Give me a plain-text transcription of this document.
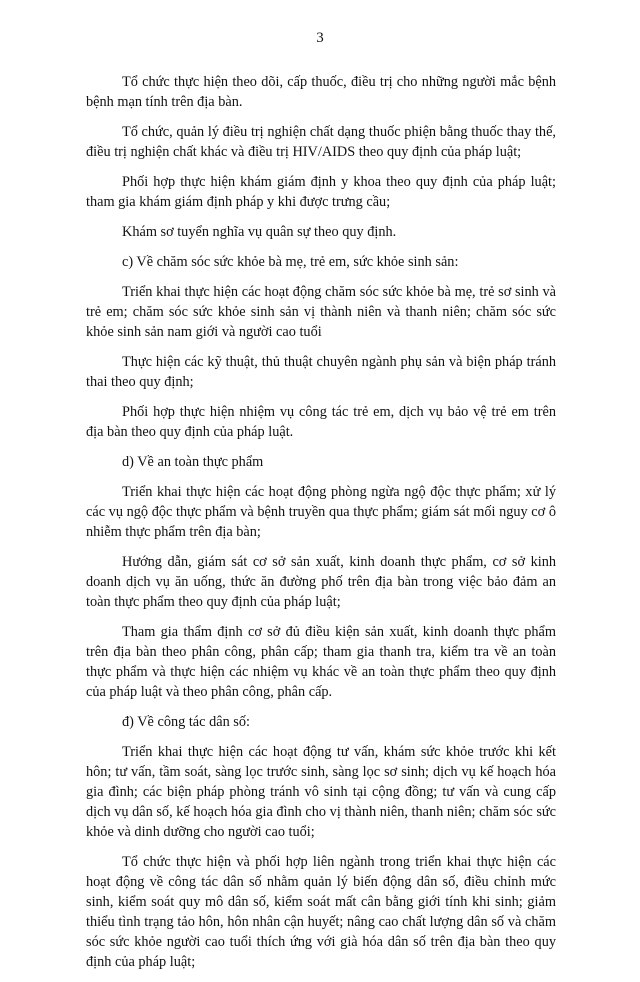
3

Tổ chức thực hiện theo dõi, cấp thuốc, điều trị cho những người mắc bệnh bệnh mạn tính trên địa bàn.

Tổ chức, quản lý điều trị nghiện chất dạng thuốc phiện bằng thuốc thay thế, điều trị nghiện chất khác và điều trị HIV/AIDS theo quy định của pháp luật;

Phối hợp thực hiện khám giám định y khoa theo quy định của pháp luật; tham gia khám giám định pháp y khi được trưng cầu;

Khám sơ tuyển nghĩa vụ quân sự theo quy định.

c) Về chăm sóc sức khỏe bà mẹ, trẻ em, sức khỏe sinh sản:

Triển khai thực hiện các hoạt động chăm sóc sức khỏe bà mẹ, trẻ sơ sinh và trẻ em; chăm sóc sức khỏe sinh sản vị thành niên và thanh niên; chăm sóc sức khỏe sinh sản nam giới và người cao tuổi

Thực hiện các kỹ thuật, thủ thuật chuyên ngành phụ sản và biện pháp tránh thai theo quy định;

Phối hợp thực hiện nhiệm vụ công tác trẻ em, dịch vụ bảo vệ trẻ em trên địa bàn theo quy định của pháp luật.

d) Về an toàn thực phẩm

Triển khai thực hiện các hoạt động phòng ngừa ngộ độc thực phẩm; xử lý các vụ ngộ độc thực phẩm và bệnh truyền qua thực phẩm; giám sát mối nguy cơ ô nhiễm thực phẩm trên địa bàn;

Hướng dẫn, giám sát cơ sở sản xuất, kinh doanh thực phẩm, cơ sở kinh doanh dịch vụ ăn uống, thức ăn đường phố trên địa bàn trong việc bảo đảm an toàn thực phẩm theo quy định của pháp luật;

Tham gia thẩm định cơ sở đủ điều kiện sản xuất, kinh doanh thực phẩm trên địa bàn theo phân công, phân cấp; tham gia thanh tra, kiểm tra về an toàn thực phẩm và thực hiện các nhiệm vụ khác về an toàn thực phẩm theo quy định của pháp luật và theo phân công, phân cấp.

đ) Về công tác dân số:

Triển khai thực hiện các hoạt động tư vấn, khám sức khỏe trước khi kết hôn; tư vấn, tầm soát, sàng lọc trước sinh, sàng lọc sơ sinh; dịch vụ kế hoạch hóa gia đình; các biện pháp phòng tránh vô sinh tại cộng đồng; tư vấn và cung cấp dịch vụ dân số, kế hoạch hóa gia đình cho vị thành niên, thanh niên; chăm sóc sức khỏe và dinh dưỡng cho người cao tuổi;

Tổ chức thực hiện và phối hợp liên ngành trong triển khai thực hiện các hoạt động về công tác dân số nhằm quản lý biến động dân số, điều chỉnh mức sinh, kiểm soát quy mô dân số, kiểm soát mất cân bằng giới tính khi sinh; giảm thiểu tình trạng tảo hôn, hôn nhân cận huyết; nâng cao chất lượng dân số và chăm sóc sức khỏe người cao tuổi thích ứng với già hóa dân số trên địa bàn theo quy định của pháp luật;
